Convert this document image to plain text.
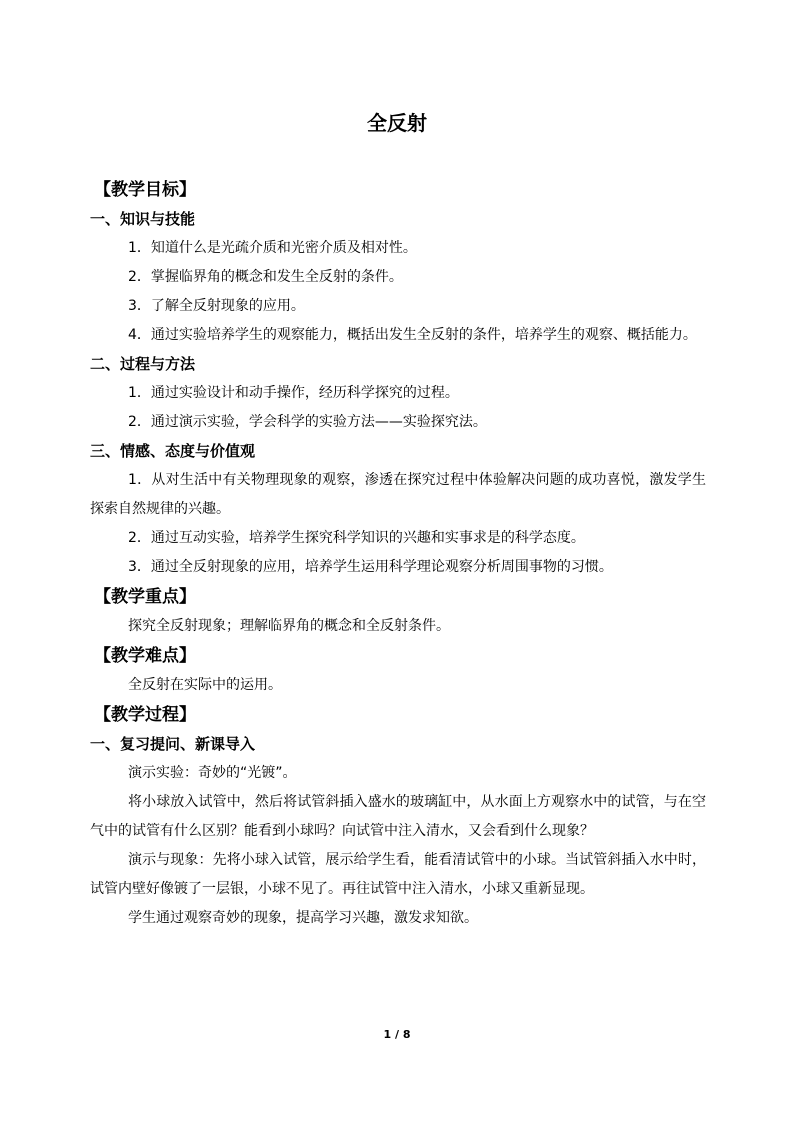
全反射
【教学目标】
一、知识与技能
1．知道什么是光疏介质和光密介质及相对性。
2．掌握临界角的概念和发生全反射的条件。
3．了解全反射现象的应用。
4．通过实验培养学生的观察能力，概括出发生全反射的条件，培养学生的观察、概括能力。
二、过程与方法
1．通过实验设计和动手操作，经历科学探究的过程。
2．通过演示实验，学会科学的实验方法——实验探究法。
三、情感、态度与价值观
1．从对生活中有关物理现象的观察，渗透在探究过程中体验解决问题的成功喜悦，激发学生探索自然规律的兴趣。
2．通过互动实验，培养学生探究科学知识的兴趣和实事求是的科学态度。
3．通过全反射现象的应用，培养学生运用科学理论观察分析周围事物的习惯。
【教学重点】
探究全反射现象；理解临界角的概念和全反射条件。
【教学难点】
全反射在实际中的运用。
【教学过程】
一、复习提问、新课导入
演示实验：奇妙的“光镀”。
将小球放入试管中，然后将试管斜插入盛水的玻璃缸中，从水面上方观察水中的试管，与在空气中的试管有什么区别？能看到小球吗？向试管中注入清水，又会看到什么现象？
演示与现象：先将小球入试管，展示给学生看，能看清试管中的小球。当试管斜插入水中时，试管内壁好像镀了一层银，小球不见了。再往试管中注入清水，小球又重新显现。
学生通过观察奇妙的现象，提高学习兴趣，激发求知欲。
1 / 8
